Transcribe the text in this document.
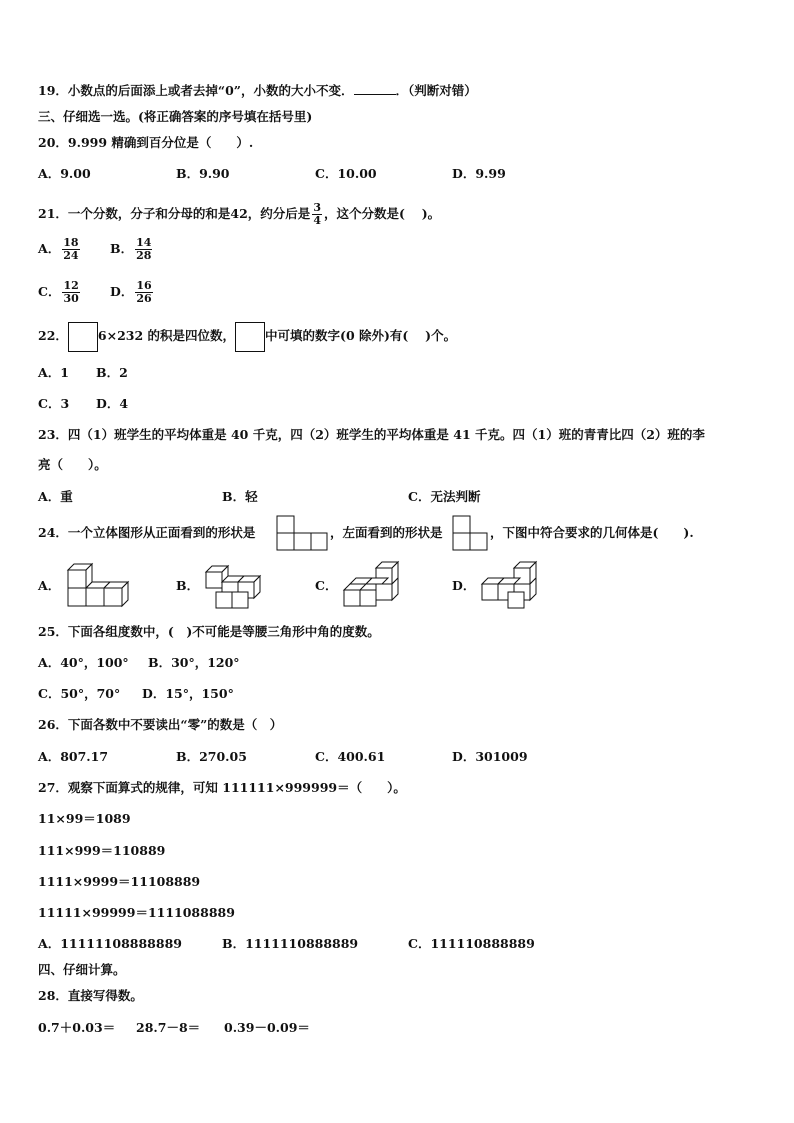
19．小数点的后面添上或者去掉“0”，小数的大小不变．	．（判断对错）
三、仔细选一选。(将正确答案的序号填在括号里)
20．9.999 精确到百分位是（　　）.
A．9.00	B．9.90	C．10.00	D．9.99
21．一个分数，分子和分母的和是42，约分后是 $\frac{3}{4}$ ，这个分数是(　 )。
A． $\frac{18}{24}$ B． $\frac{14}{28}$
C． $\frac{12}{30}$ D． $\frac{16}{26}$
22． 6×232 的积是四位数， 中可填的数字(0 除外)有(　 )个。
A．1 B．2
C．3 D．4
23．四（1）班学生的平均体重是 40 千克，四（2）班学生的平均体重是 41 千克。四（1）班的青青比四（2）班的李
亮（　　）。
A．重	B．轻	C．无法判断
24．一个立体图形从正面看到的形状是	，左面看到的形状是	，下图中符合要求的几何体是(　　).
A．	B．	C．	D．
25．下面各组度数中，(　)不可能是等腰三角形中角的度数。
A．40°，100° B．30°，120°
C．50°，70° D．15°，150°
26．下面各数中不要读出“零”的数是（　）
A．807.17	B．270.05	C．400.61	D．301009
27．观察下面算式的规律，可知 111111×999999＝（　　）。
11×99＝1089
111×999＝110889
1111×9999＝11108889
11111×99999＝1111088889
A．11111108888889	B．1111110888889	C．111110888889
四、仔细计算。
28．直接写得数。
0.7＋0.03＝ 28.7－8＝ 0.39－0.09＝
